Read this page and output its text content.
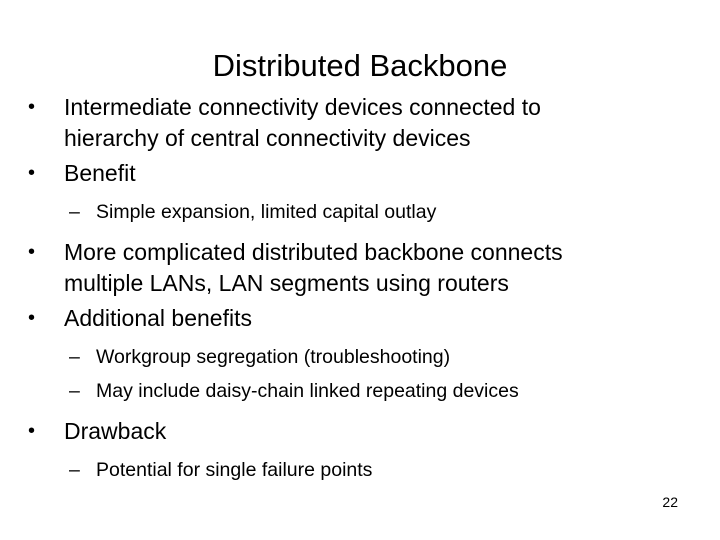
Distributed Backbone
• Intermediate connectivity devices connected to
hierarchy of central connectivity devices
• Benefit
– Simple expansion, limited capital outlay
• More complicated distributed backbone connects
multiple LANs, LAN segments using routers
• Additional benefits
– Workgroup segregation (troubleshooting)
– May include daisy-chain linked repeating devices
• Drawback
– Potential for single failure points
22
